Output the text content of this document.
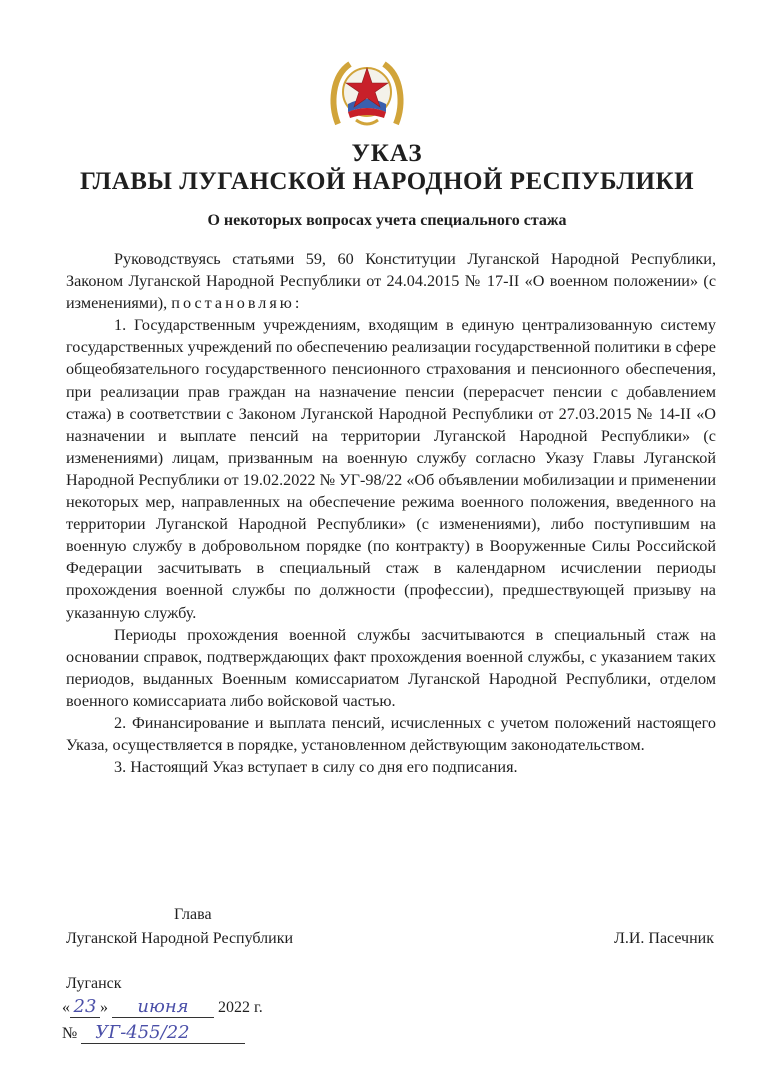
УКАЗ
ГЛАВЫ ЛУГАНСКОЙ НАРОДНОЙ РЕСПУБЛИКИ
О некоторых вопросах учета специального стажа

Руководствуясь статьями 59, 60 Конституции Луганской Народной Республики, Законом Луганской Народной Республики от 24.04.2015 № 17-II «О военном положении» (с изменениями), постановляю:

1. Государственным учреждениям, входящим в единую централизованную систему государственных учреждений по обеспечению реализации государственной политики в сфере общеобязательного государственного пенсионного страхования и пенсионного обеспечения, при реализации прав граждан на назначение пенсии (перерасчет пенсии с добавлением стажа) в соответствии с Законом Луганской Народной Республики от 27.03.2015 № 14-II «О назначении и выплате пенсий на территории Луганской Народной Республики» (с изменениями) лицам, призванным на военную службу согласно Указу Главы Луганской Народной Республики от 19.02.2022 № УГ-98/22 «Об объявлении мобилизации и применении некоторых мер, направленных на обеспечение режима военного положения, введенного на территории Луганской Народной Республики» (с изменениями), либо поступившим на военную службу в добровольном порядке (по контракту) в Вооруженные Силы Российской Федерации засчитывать в специальный стаж в календарном исчислении периоды прохождения военной службы по должности (профессии), предшествующей призыву на указанную службу.

Периоды прохождения военной службы засчитываются в специальный стаж на основании справок, подтверждающих факт прохождения военной службы, с указанием таких периодов, выданных Военным комиссариатом Луганской Народной Республики, отделом военного комиссариата либо войсковой частью.

2. Финансирование и выплата пенсий, исчисленных с учетом положений настоящего Указа, осуществляется в порядке, установленном действующим законодательством.

3. Настоящий Указ вступает в силу со дня его подписания.

Глава
Луганской Народной Республики	Л.И. Пасечник
Луганск
« 23 » июня 2022 г.
№ УГ-455/22
